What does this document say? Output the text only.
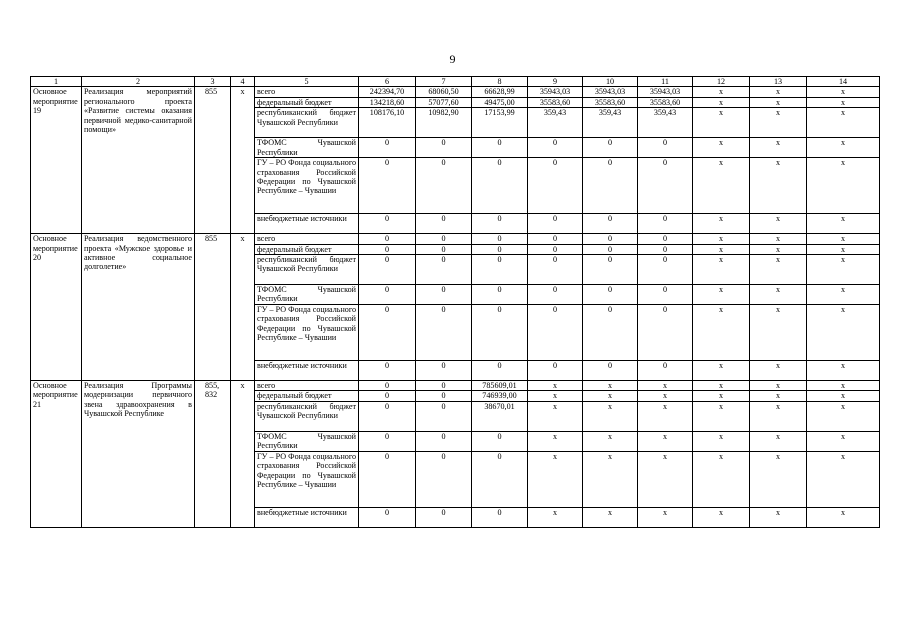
9
1	2	3	4	5	6	7	8	9	10	11	12	13	14
Основное мероприятие 19	Реализация мероприятий регионального проекта «Развитие системы оказания первичной медико-санитарной помощи»	855	х	всего	242394,70	68060,50	66628,99	35943,03	35943,03	35943,03	х	х	х
				федеральный бюджет	134218,60	57077,60	49475,00	35583,60	35583,60	35583,60	х	х	х
				республиканский бюджет Чувашской Республики	108176,10	10982,90	17153,99	359,43	359,43	359,43	х	х	х
				ТФОМС Чувашской Республики	0	0	0	0	0	0	х	х	х
				ГУ – РО Фонда социального страхования Российской Федерации по Чувашской Республике – Чувашии	0	0	0	0	0	0	х	х	х
				внебюджетные источники	0	0	0	0	0	0	х	х	х
Основное мероприятие 20	Реализация ведомственного проекта «Мужское здоровье и активное социальное долголетие»	855	х	всего	0	0	0	0	0	0	х	х	х
				федеральный бюджет	0	0	0	0	0	0	х	х	х
				республиканский бюджет Чувашской Республики	0	0	0	0	0	0	х	х	х
				ТФОМС Чувашской Республики	0	0	0	0	0	0	х	х	х
				ГУ – РО Фонда социального страхования Российской Федерации по Чувашской Республике – Чувашии	0	0	0	0	0	0	х	х	х
				внебюджетные источники	0	0	0	0	0	0	х	х	х
Основное мероприятие 21	Реализация Программы модернизации первичного звена здравоохранения в Чувашской Республике	855, 832	х	всего	0	0	785609,01	х	х	х	х	х	х
				федеральный бюджет	0	0	746939,00	х	х	х	х	х	х
				республиканский бюджет Чувашской Республики	0	0	38670,01	х	х	х	х	х	х
				ТФОМС Чувашской Республики	0	0	0	х	х	х	х	х	х
				ГУ – РО Фонда социального страхования Российской Федерации по Чувашской Республике – Чувашии	0	0	0	х	х	х	х	х	х
				внебюджетные источники	0	0	0	х	х	х	х	х	х
